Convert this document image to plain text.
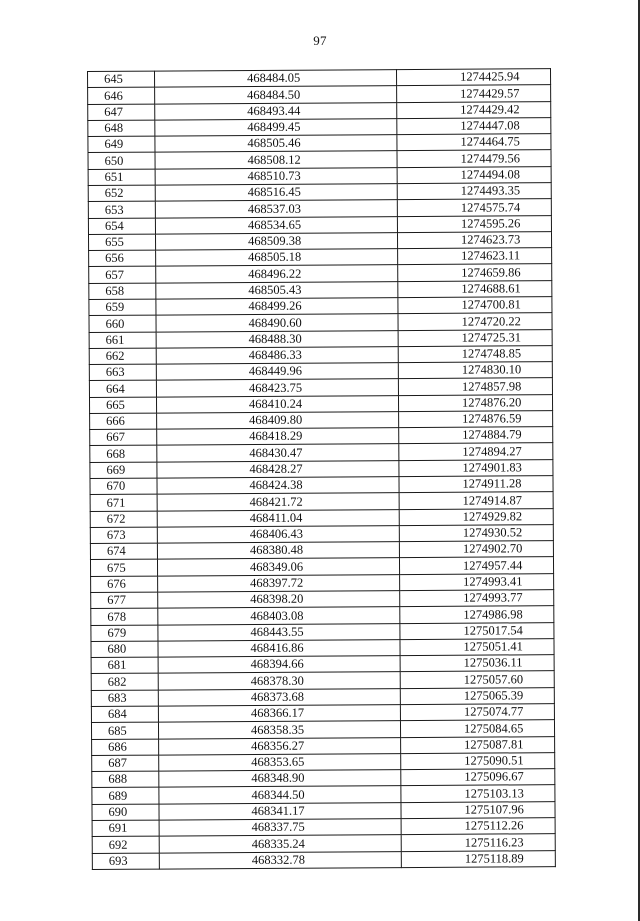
97
645	468484.05	1274425.94
646	468484.50	1274429.57
647	468493.44	1274429.42
648	468499.45	1274447.08
649	468505.46	1274464.75
650	468508.12	1274479.56
651	468510.73	1274494.08
652	468516.45	1274493.35
653	468537.03	1274575.74
654	468534.65	1274595.26
655	468509.38	1274623.73
656	468505.18	1274623.11
657	468496.22	1274659.86
658	468505.43	1274688.61
659	468499.26	1274700.81
660	468490.60	1274720.22
661	468488.30	1274725.31
662	468486.33	1274748.85
663	468449.96	1274830.10
664	468423.75	1274857.98
665	468410.24	1274876.20
666	468409.80	1274876.59
667	468418.29	1274884.79
668	468430.47	1274894.27
669	468428.27	1274901.83
670	468424.38	1274911.28
671	468421.72	1274914.87
672	468411.04	1274929.82
673	468406.43	1274930.52
674	468380.48	1274902.70
675	468349.06	1274957.44
676	468397.72	1274993.41
677	468398.20	1274993.77
678	468403.08	1274986.98
679	468443.55	1275017.54
680	468416.86	1275051.41
681	468394.66	1275036.11
682	468378.30	1275057.60
683	468373.68	1275065.39
684	468366.17	1275074.77
685	468358.35	1275084.65
686	468356.27	1275087.81
687	468353.65	1275090.51
688	468348.90	1275096.67
689	468344.50	1275103.13
690	468341.17	1275107.96
691	468337.75	1275112.26
692	468335.24	1275116.23
693	468332.78	1275118.89
